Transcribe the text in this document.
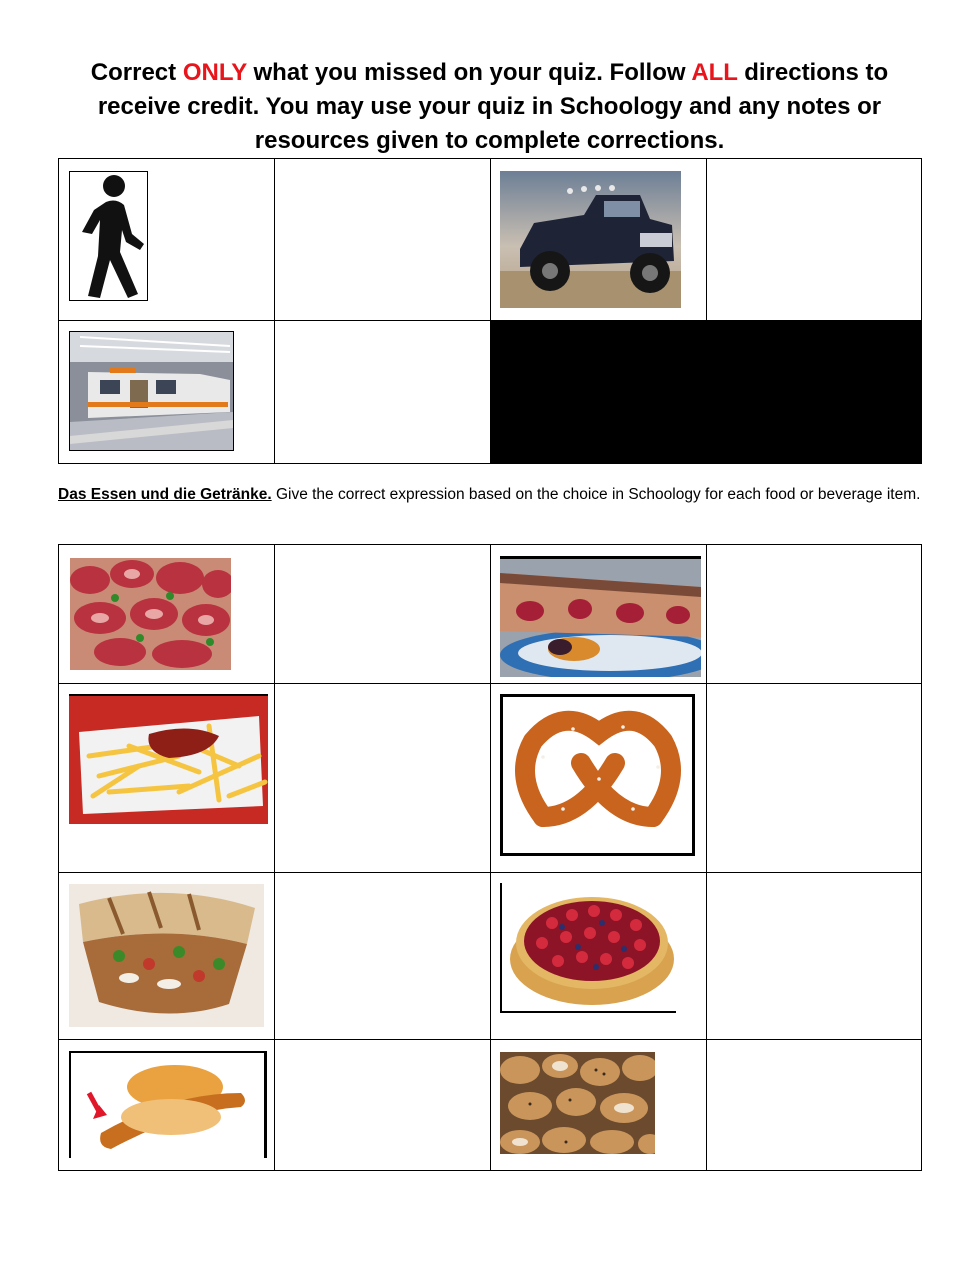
Correct ONLY what you missed on your quiz. Follow ALL directions to receive credit. You may use your quiz in Schoology and any notes or resources given to complete corrections.

Das Essen und die Getränke. Give the correct expression based on the choice in Schoology for each food or beverage item.
